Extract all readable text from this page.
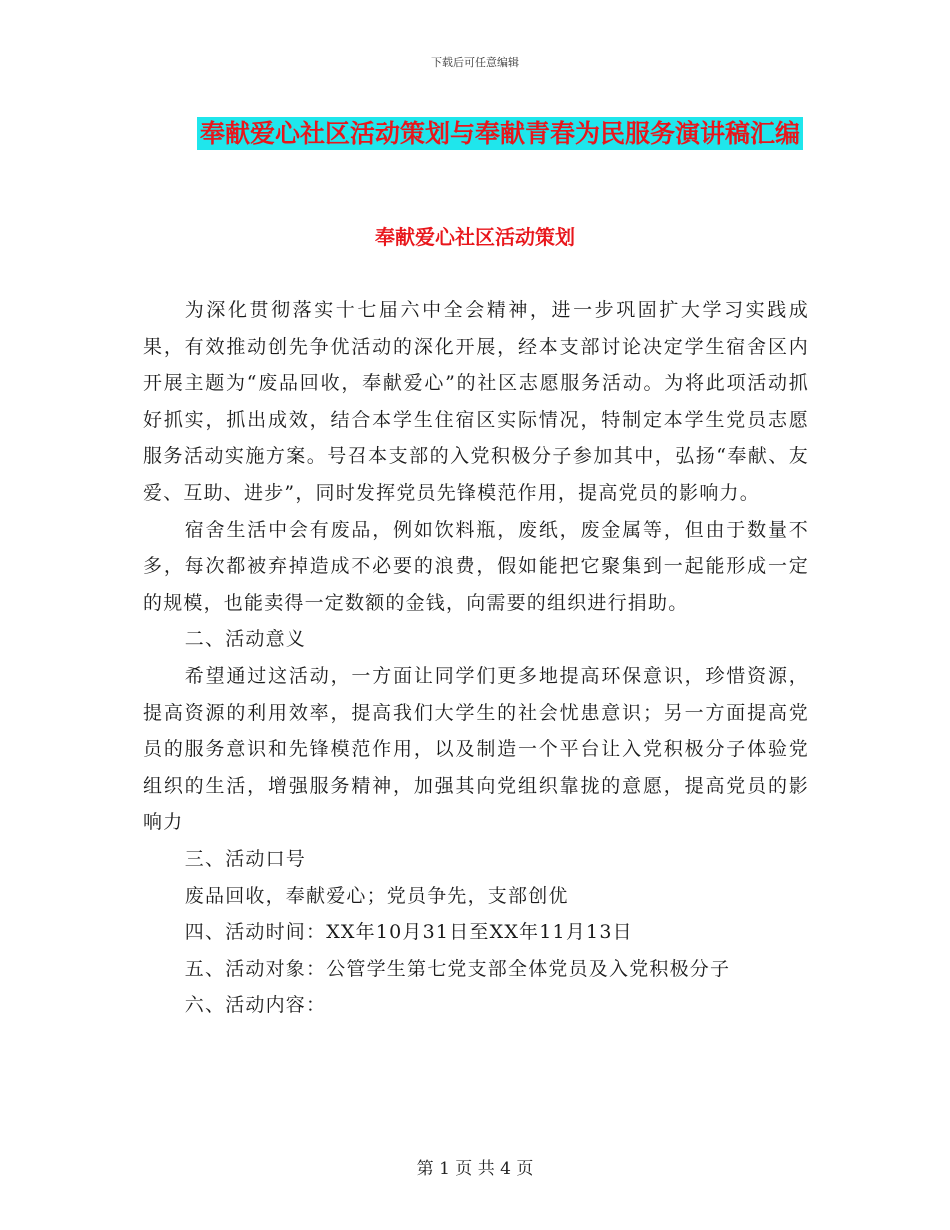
下载后可任意编辑
奉献爱心社区活动策划与奉献青春为民服务演讲稿汇编
奉献爱心社区活动策划

为深化贯彻落实十七届六中全会精神，进一步巩固扩大学习实践成果，有效推动创先争优活动的深化开展，经本支部讨论决定学生宿舍区内开展主题为“废品回收，奉献爱心”的社区志愿服务活动。为将此项活动抓好抓实，抓出成效，结合本学生住宿区实际情况，特制定本学生党员志愿服务活动实施方案。号召本支部的入党积极分子参加其中，弘扬“奉献、友爱、互助、进步”，同时发挥党员先锋模范作用，提高党员的影响力。

宿舍生活中会有废品，例如饮料瓶，废纸，废金属等，但由于数量不多，每次都被弃掉造成不必要的浪费，假如能把它聚集到一起能形成一定的规模，也能卖得一定数额的金钱，向需要的组织进行捐助。

二、活动意义

希望通过这活动，一方面让同学们更多地提高环保意识，珍惜资源，提高资源的利用效率，提高我们大学生的社会忧患意识；另一方面提高党员的服务意识和先锋模范作用，以及制造一个平台让入党积极分子体验党组织的生活，增强服务精神，加强其向党组织靠拢的意愿，提高党员的影响力

三、活动口号

废品回收，奉献爱心；党员争先，支部创优

四、活动时间：XX年10月31日至XX年11月13日

五、活动对象：公管学生第七党支部全体党员及入党积极分子

六、活动内容：

第 1 页 共 4 页
